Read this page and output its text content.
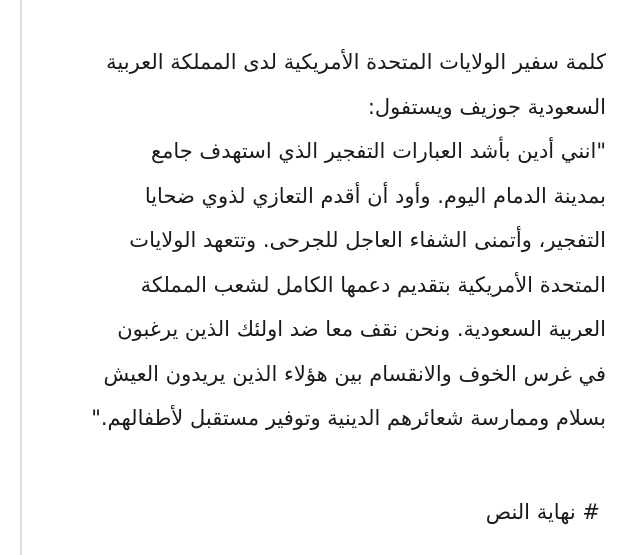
كلمة سفير الولايات المتحدة الأمريكية لدى المملكة العربية
السعودية جوزيف ويستفول:
"انني أدين بأشد العبارات التفجير الذي استهدف جامع
بمدينة الدمام اليوم. وأود أن أقدم التعازي لذوي ضحايا
التفجير، وأتمنى الشفاء العاجل للجرحى. وتتعهد الولايات
المتحدة الأمريكية بتقديم دعمها الكامل لشعب المملكة
العربية السعودية. ونحن نقف معا ضد اولئك الذين يرغبون
في غرس الخوف والانقسام بين هؤلاء الذين يريدون العيش
بسلام وممارسة شعائرهم الدينية وتوفير مستقبل لأطفالهم."
# نهاية النص
